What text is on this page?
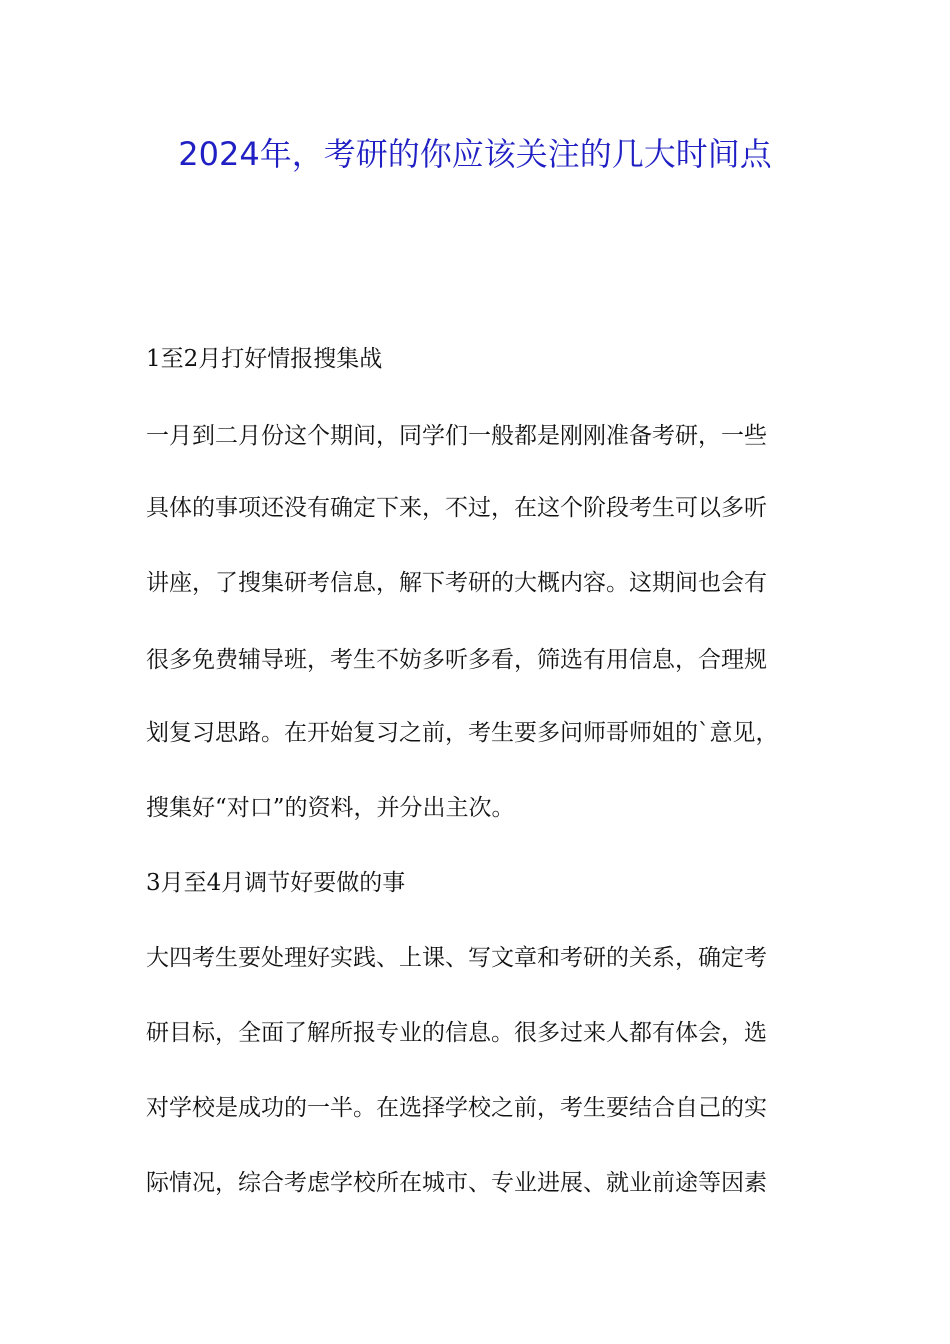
2024年，考研的你应该关注的几大时间点
1至2月打好情报搜集战
一月到二月份这个期间，同学们一般都是刚刚准备考研，一些
具体的事项还没有确定下来，不过，在这个阶段考生可以多听
讲座，了搜集研考信息，解下考研的大概内容。这期间也会有
很多免费辅导班，考生不妨多听多看，筛选有用信息，合理规
划复习思路。在开始复习之前，考生要多问师哥师姐的`意见，
搜集好“对口”的资料，并分出主次。
3月至4月调节好要做的事
大四考生要处理好实践、上课、写文章和考研的关系，确定考
研目标，全面了解所报专业的信息。很多过来人都有体会，选
对学校是成功的一半。在选择学校之前，考生要结合自己的实
际情况，综合考虑学校所在城市、专业进展、就业前途等因素
